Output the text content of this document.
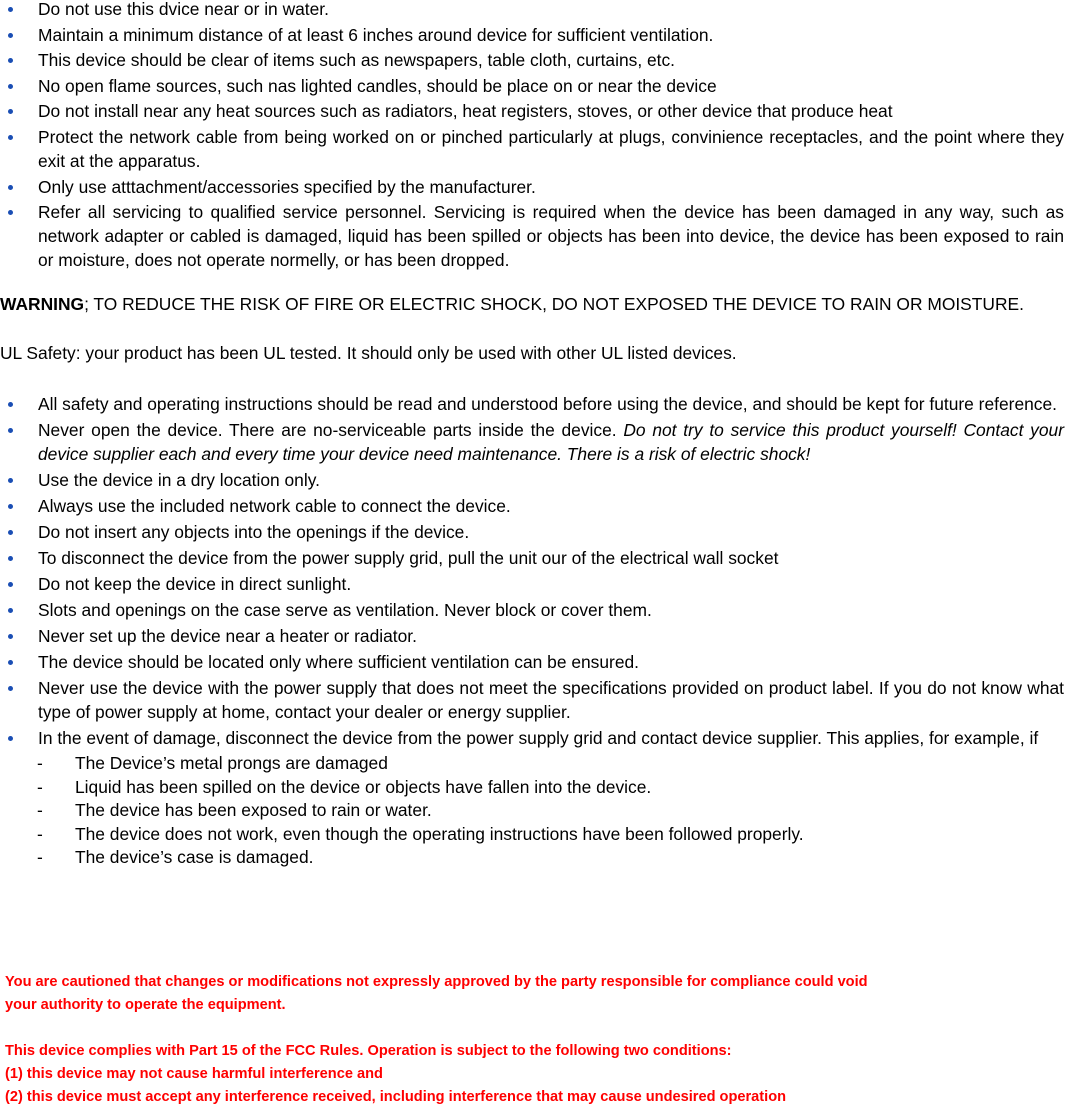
Do not use this dvice near or in water.
Maintain a minimum distance of at least 6 inches around device for sufficient ventilation.
This device should be clear of items such as newspapers, table cloth, curtains, etc.
No open flame sources, such nas lighted candles, should be place on or near the device
Do not install near any heat sources such as radiators, heat registers, stoves, or other device that produce heat
Protect the network cable from being worked on or pinched particularly at plugs, convinience receptacles, and the point where they exit at the apparatus.
Only use atttachment/accessories specified by the manufacturer.
Refer all servicing to qualified service personnel. Servicing is required when the device has been damaged in any way, such as network adapter or cabled is damaged, liquid has been spilled or objects has been into device, the device has been exposed to rain or moisture, does not operate normelly, or has been dropped.
WARNING; TO REDUCE THE RISK OF FIRE OR ELECTRIC SHOCK, DO NOT EXPOSED THE DEVICE TO RAIN OR MOISTURE.
UL Safety: your product has been UL tested. It should only be used with other UL listed devices.
All safety and operating instructions should be read and understood before using the device, and should be kept for future reference.
Never open the device. There are no-serviceable parts inside the device. Do not try to service this product yourself! Contact your device supplier each and every time your device need maintenance. There is a risk of electric shock!
Use the device in a dry location only.
Always use the included network cable to connect the device.
Do not insert any objects into the openings if the device.
To disconnect the device from the power supply grid, pull the unit our of the electrical wall socket
Do not keep the device in direct sunlight.
Slots and openings on the case serve as ventilation. Never block or cover them.
Never set up the device near a heater or radiator.
The device should be located only where sufficient ventilation can be ensured.
Never use the device with the power supply that does not meet the specifications provided on product label. If you do not know what type of power supply at home, contact your dealer or energy supplier.
In the event of damage, disconnect the device from the power supply grid and contact device supplier. This applies, for example, if
- The Device’s metal prongs are damaged
- Liquid has been spilled on the device or objects have fallen into the device.
- The device has been exposed to rain or water.
- The device does not work, even though the operating instructions have been followed properly.
- The device’s case is damaged.

You are cautioned that changes or modifications not expressly approved by the party responsible for compliance could void

your authority to operate the equipment.

This device complies with Part 15 of the FCC Rules. Operation is subject to the following two conditions:

(1) this device may not cause harmful interference and

(2) this device must accept any interference received, including interference that may cause undesired operation
